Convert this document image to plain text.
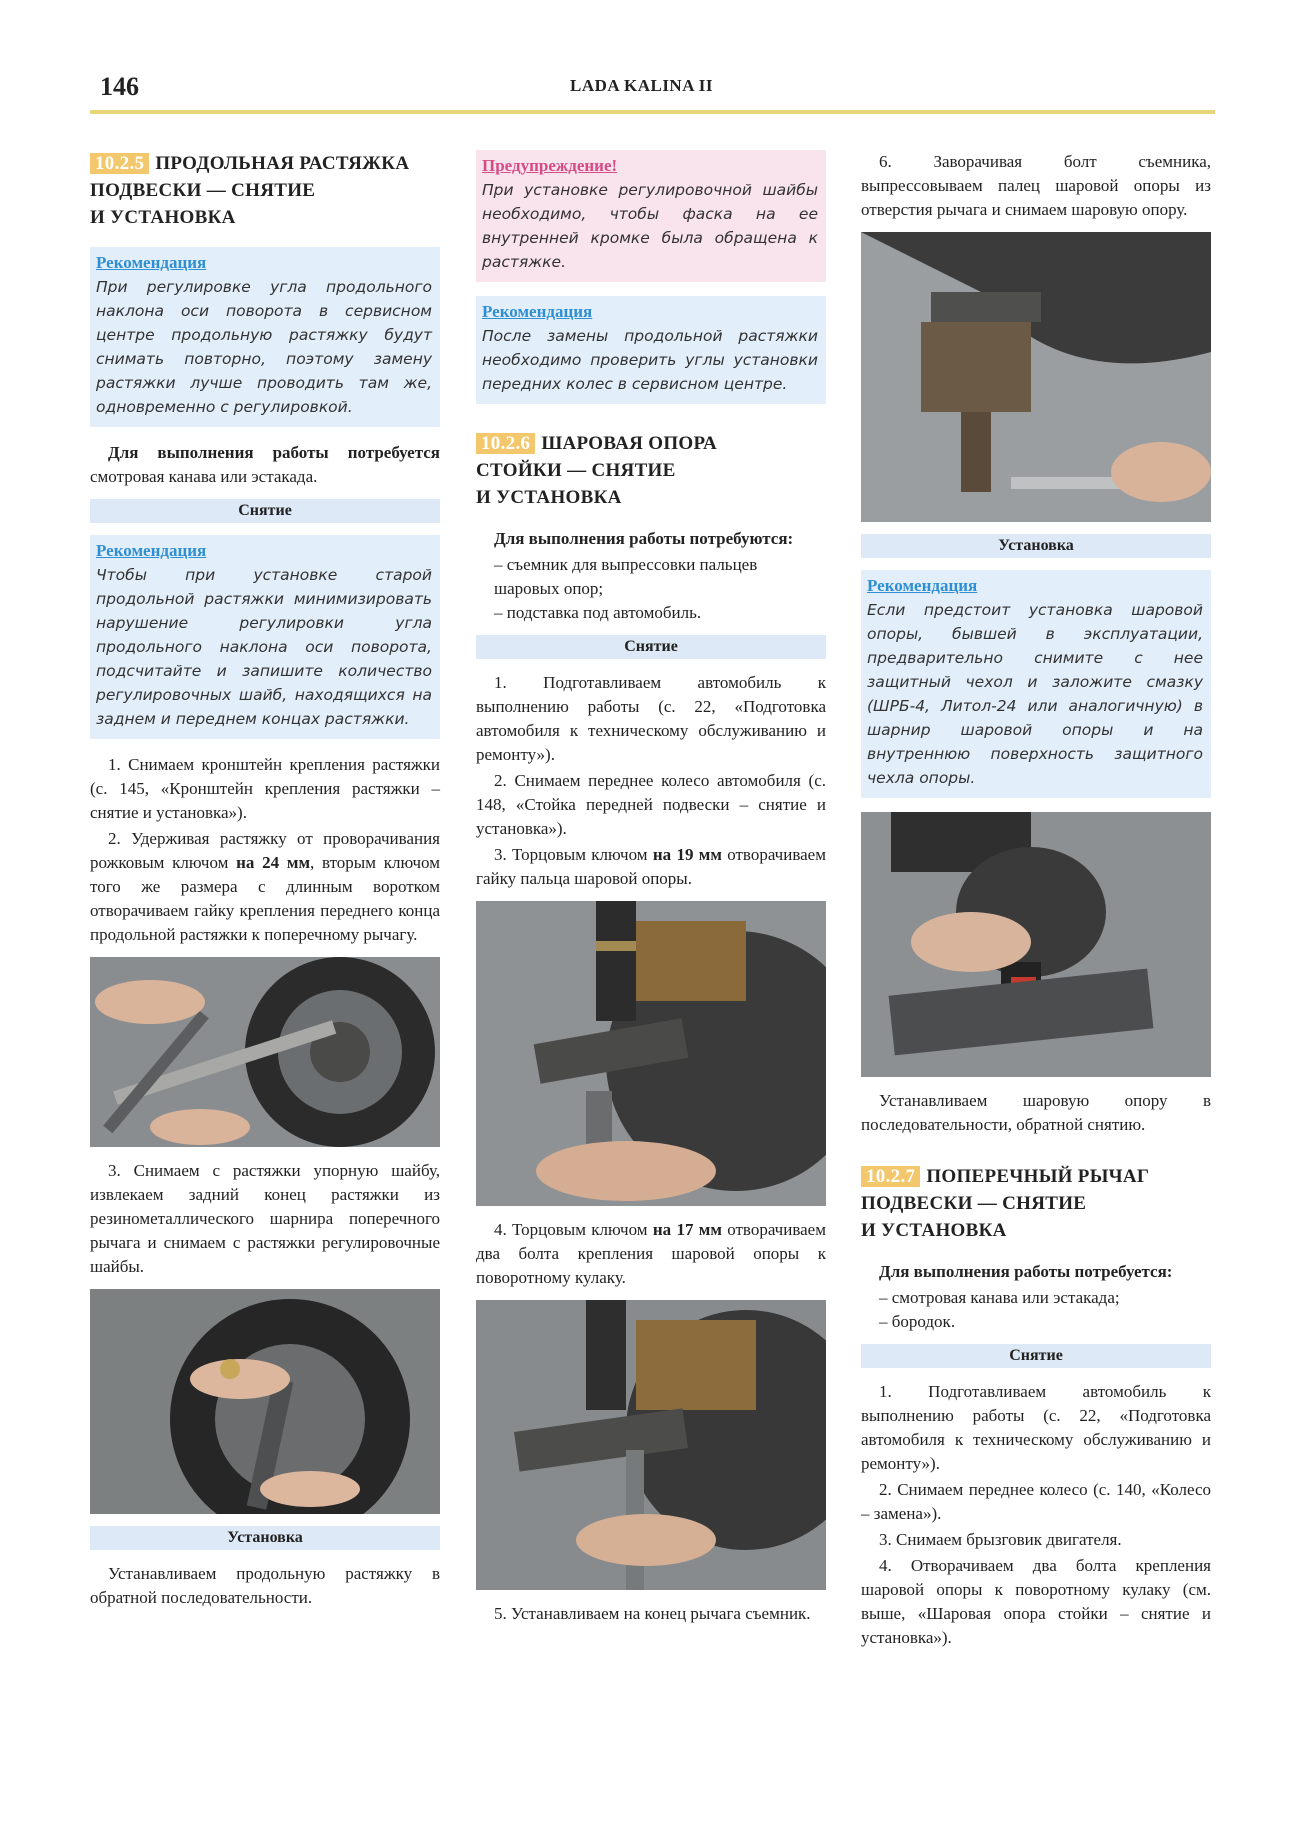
146	LADA KALINA II
10.2.5 ПРОДОЛЬНАЯ РАСТЯЖКА
ПОДВЕСКИ — СНЯТИЕ
И УСТАНОВКА
Рекомендация
При регулировке угла продольного наклона оси поворота в сервисном центре продольную растяжку будут снимать повторно, поэтому замену растяжки лучше проводить там же, одновременно с регулировкой.

Для выполнения работы потребуется смотровая канава или эстакада.

Снятие
Рекомендация
Чтобы при установке старой продольной растяжки минимизировать нарушение регулировки угла продольного наклона оси поворота, подсчитайте и запишите количество регулировочных шайб, находящихся на заднем и переднем концах растяжки.

1. Снимаем кронштейн крепления растяжки (с. 145, «Кронштейн крепления растяжки – снятие и установка»).

2. Удерживая растяжку от проворачивания рожковым ключом на 24 мм, вторым ключом того же размера с длинным воротком отворачиваем гайку крепления переднего конца продольной растяжки к поперечному рычагу.

3. Снимаем с растяжки упорную шайбу, извлекаем задний конец растяжки из резинометаллического шарнира поперечного рычага и снимаем с растяжки регулировочные шайбы.

Установка

Устанавливаем продольную растяжку в обратной последовательности.

Предупреждение!
При установке регулировочной шайбы необходимо, чтобы фаска на ее внутренней кромке была обращена к растяжке.
Рекомендация
После замены продольной растяжки необходимо проверить углы установки передних колес в сервисном центре.
10.2.6 ШАРОВАЯ ОПОРА
СТОЙКИ — СНЯТИЕ
И УСТАНОВКА

Для выполнения работы потребуются:

– съемник для выпрессовки пальцев шаровых опор;

– подставка под автомобиль.

Снятие

1. Подготавливаем автомобиль к выполнению работы (с. 22, «Подготовка автомобиля к техническому обслуживанию и ремонту»).

2. Снимаем переднее колесо автомобиля (с. 148, «Стойка передней подвески – снятие и установка»).

3. Торцовым ключом на 19 мм отворачиваем гайку пальца шаровой опоры.

4. Торцовым ключом на 17 мм отворачиваем два болта крепления шаровой опоры к поворотному кулаку.

5. Устанавливаем на конец рычага съемник.

6. Заворачивая болт съемника, выпрессовываем палец шаровой опоры из отверстия рычага и снимаем шаровую опору.

Установка
Рекомендация
Если предстоит установка шаровой опоры, бывшей в эксплуатации, предварительно снимите с нее защитный чехол и заложите смазку (ШРБ-4, Литол-24 или аналогичную) в шарнир шаровой опоры и на внутреннюю поверхность защитного чехла опоры.

Устанавливаем шаровую опору в последовательности, обратной снятию.

10.2.7 ПОПЕРЕЧНЫЙ РЫЧАГ
ПОДВЕСКИ — СНЯТИЕ
И УСТАНОВКА

Для выполнения работы потребуется:

– смотровая канава или эстакада;

– бородок.

Снятие

1. Подготавливаем автомобиль к выполнению работы (с. 22, «Подготовка автомобиля к техническому обслуживанию и ремонту»).

2. Снимаем переднее колесо (с. 140, «Колесо – замена»).

3. Снимаем брызговик двигателя.

4. Отворачиваем два болта крепления шаровой опоры к поворотному кулаку (см. выше, «Шаровая опора стойки – снятие и установка»).
